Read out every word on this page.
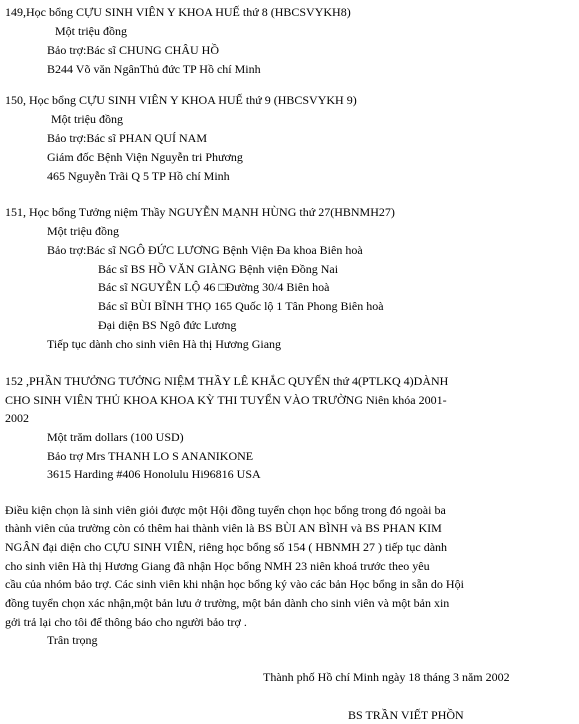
149,Học bổng CỰU SINH VIÊN Y KHOA HUẾ thứ 8 (HBCSVYKH8)
Một triệu đồng
Bảo trợ:Bác sĩ CHUNG CHÂU HỒ
B244 Võ văn NgânThủ đức TP Hồ chí Minh
150, Học bổng CỰU SINH VIÊN Y KHOA HUẾ thứ 9 (HBCSVYKH 9)
Một triệu đồng
Bảo trợ:Bác sĩ PHAN QUÍ NAM
Giám đốc Bệnh Viện Nguyễn tri Phương
465 Nguyễn Trãi Q 5 TP Hồ chí Minh
151, Học bổng Tưởng niệm Thầy NGUYỄN MẠNH HÙNG thứ 27(HBNMH27)
Một triệu đồng
Bảo trợ:Bác sĩ NGÔ ĐỨC LƯƠNG Bệnh Viện Đa khoa Biên hoà
Bác sĩ BS HỒ VĂN GIÀNG Bệnh viện Đồng Nai
Bác sĩ NGUYỄN LỘ 46 □Đường 30/4 Biên hoà
Bác sĩ BÙI BĨNH THỌ 165 Quốc lộ 1 Tân Phong Biên hoà
Đại diện BS Ngô đức Lương
Tiếp tục dành cho sinh viên Hà thị Hương Giang
152 ,PHẦN THƯỞNG TƯỞNG NIỆM THẦY LÊ KHẮC QUYẾN thứ 4(PTLKQ 4)DÀNH
CHO SINH VIÊN THỦ KHOA KHOA KỲ THI TUYỂN VÀO TRƯỜNG Niên khóa 2001-
2002
Một trăm dollars (100 USD)
Bảo trợ Mrs THANH LO S ANANIKONE
3615 Harding #406 Honolulu Hi96816 USA
Điều kiện chọn là sinh viên giỏi được một Hội đồng tuyển chọn học bổng trong đó ngoài ba
thành viên của trường còn có thêm hai thành viên là BS BÙI AN BÌNH và BS PHAN KIM
NGÂN đại diện cho CỰU SINH VIÊN, riêng học bổng số 154 ( HBNMH 27 ) tiếp tục dành
cho sinh viên Hà thị Hương Giang đã nhận Học bổng NMH 23 niên khoá trước theo yêu
cầu của nhóm bảo trợ. Các sinh viên khi nhận học bổng ký vào các bản Học bổng in sẵn do Hội
đồng tuyển chọn xác nhận,một bản lưu ở trường, một bản dành cho sinh viên và một bản xin
gởi trả lại cho tôi để thông báo cho người bảo trợ .
Trân trọng
Thành phố Hồ chí Minh ngày 18 tháng 3 năm 2002
BS TRẦN VIẾT PHỒN
